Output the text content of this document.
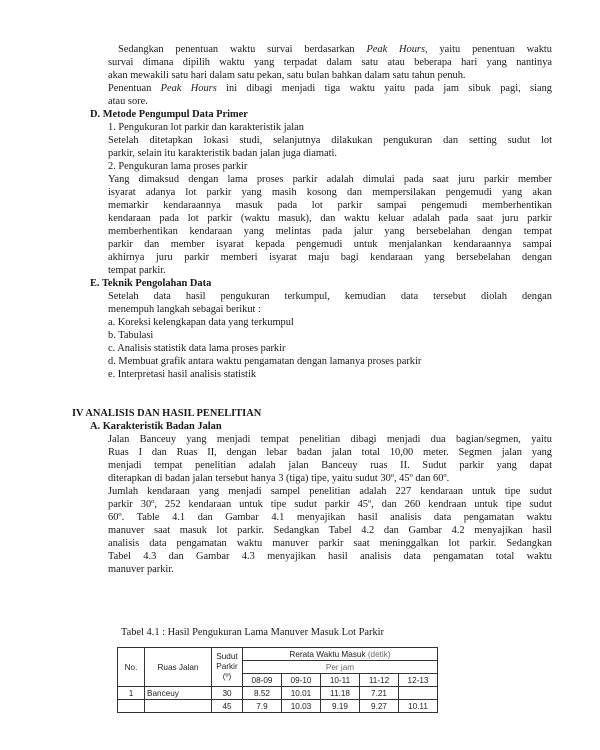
Sedangkan penentuan waktu survai berdasarkan Peak Hours, yaitu penentuan waktu
survai dimana dipilih waktu yang terpadat dalam satu atau beberapa hari yang nantinya
akan mewakili satu hari dalam satu pekan, satu bulan bahkan dalam satu tahun penuh.
Penentuan Peak Hours ini dibagi menjadi tiga waktu yaitu pada jam sibuk pagi, siang
atau sore.
D. Metode Pengumpul Data Primer
1. Pengukuran lot parkir dan karakteristik jalan
Setelah ditetapkan lokasi studi, selanjutnya dilakukan pengukuran dan setting sudut lot
parkir, selain itu karakteristik badan jalan juga diamati.
2. Pengukuran lama proses parkir
Yang dimaksud dengan lama proses parkir adalah dimulai pada saat juru parkir member
isyarat adanya lot parkir yang masih kosong dan mempersilakan pengemudi yang akan
memarkir kendaraannya masuk pada lot parkir sampai pengemudi memberhentikan
kendaraan pada lot parkir (waktu masuk), dan waktu keluar adalah pada saat juru parkir
memberhentikan kendaraan yang melintas pada jalur yang bersebelahan dengan tempat
parkir dan member isyarat kepada pengemudi untuk menjalankan kendaraannya sampai
akhirnya juru parkir memberi isyarat maju bagi kendaraan yang bersebelahan dengan
tempat parkir.
E. Teknik Pengolahan Data
Setelah data hasil pengukuran terkumpul, kemudian data tersebut diolah dengan
menempuh langkah sebagai berikut :
a. Koreksi kelengkapan data yang terkumpul
b. Tabulasi
c. Analisis statistik data lama proses parkir
d. Membuat grafik antara waktu pengamatan dengan lamanya proses parkir
e. Interpretasi hasil analisis statistik
IV ANALISIS DAN HASIL PENELITIAN
A. Karakteristik Badan Jalan
Jalan Banceuy yang menjadi tempat penelitian dibagi menjadi dua bagian/segmen, yaitu
Ruas I dan Ruas II, dengan lebar badan jalan total 10,00 meter. Segmen jalan yang
menjadi tempat penelitian adalah jalan Banceuy ruas II. Sudut parkir yang dapat
diterapkan di badan jalan tersebut hanya 3 (tiga) tipe, yaitu sudut 30º, 45º dan 60º.
Jumlah kendaraan yang menjadi sampel penelitian adalah 227 kendaraan untuk tipe sudut
parkir 30º, 252 kendaraan untuk tipe sudut parkir 45º, dan 260 kendraan untuk tipe sudut
60º. Table 4.1 dan Gambar 4.1 menyajikan hasil analisis data pengamatan waktu
manuver saat masuk lot parkir. Sedangkan Tabel 4.2 dan Gambar 4.2 menyajikan hasil
analisis data pengamatan waktu manuver parkir saat meninggalkan lot parkir. Sedangkan
Tabel 4.3 dan Gambar 4.3 menyajikan hasil analisis data pengamatan total waktu
manuver parkir.
Tabel 4.1 : Hasil Pengukuran Lama Manuver Masuk Lot Parkir
No.	Ruas Jalan	Sudut Parkir (º)	Rerata Waktu Masuk (detik)				
			Per jam				
			08-09	09-10	10-11	11-12	12-13
1	Banceuy	30	8.52	10.01	11.18	7.21	
		45	7.9	10.03	9.19	9.27	10.11
